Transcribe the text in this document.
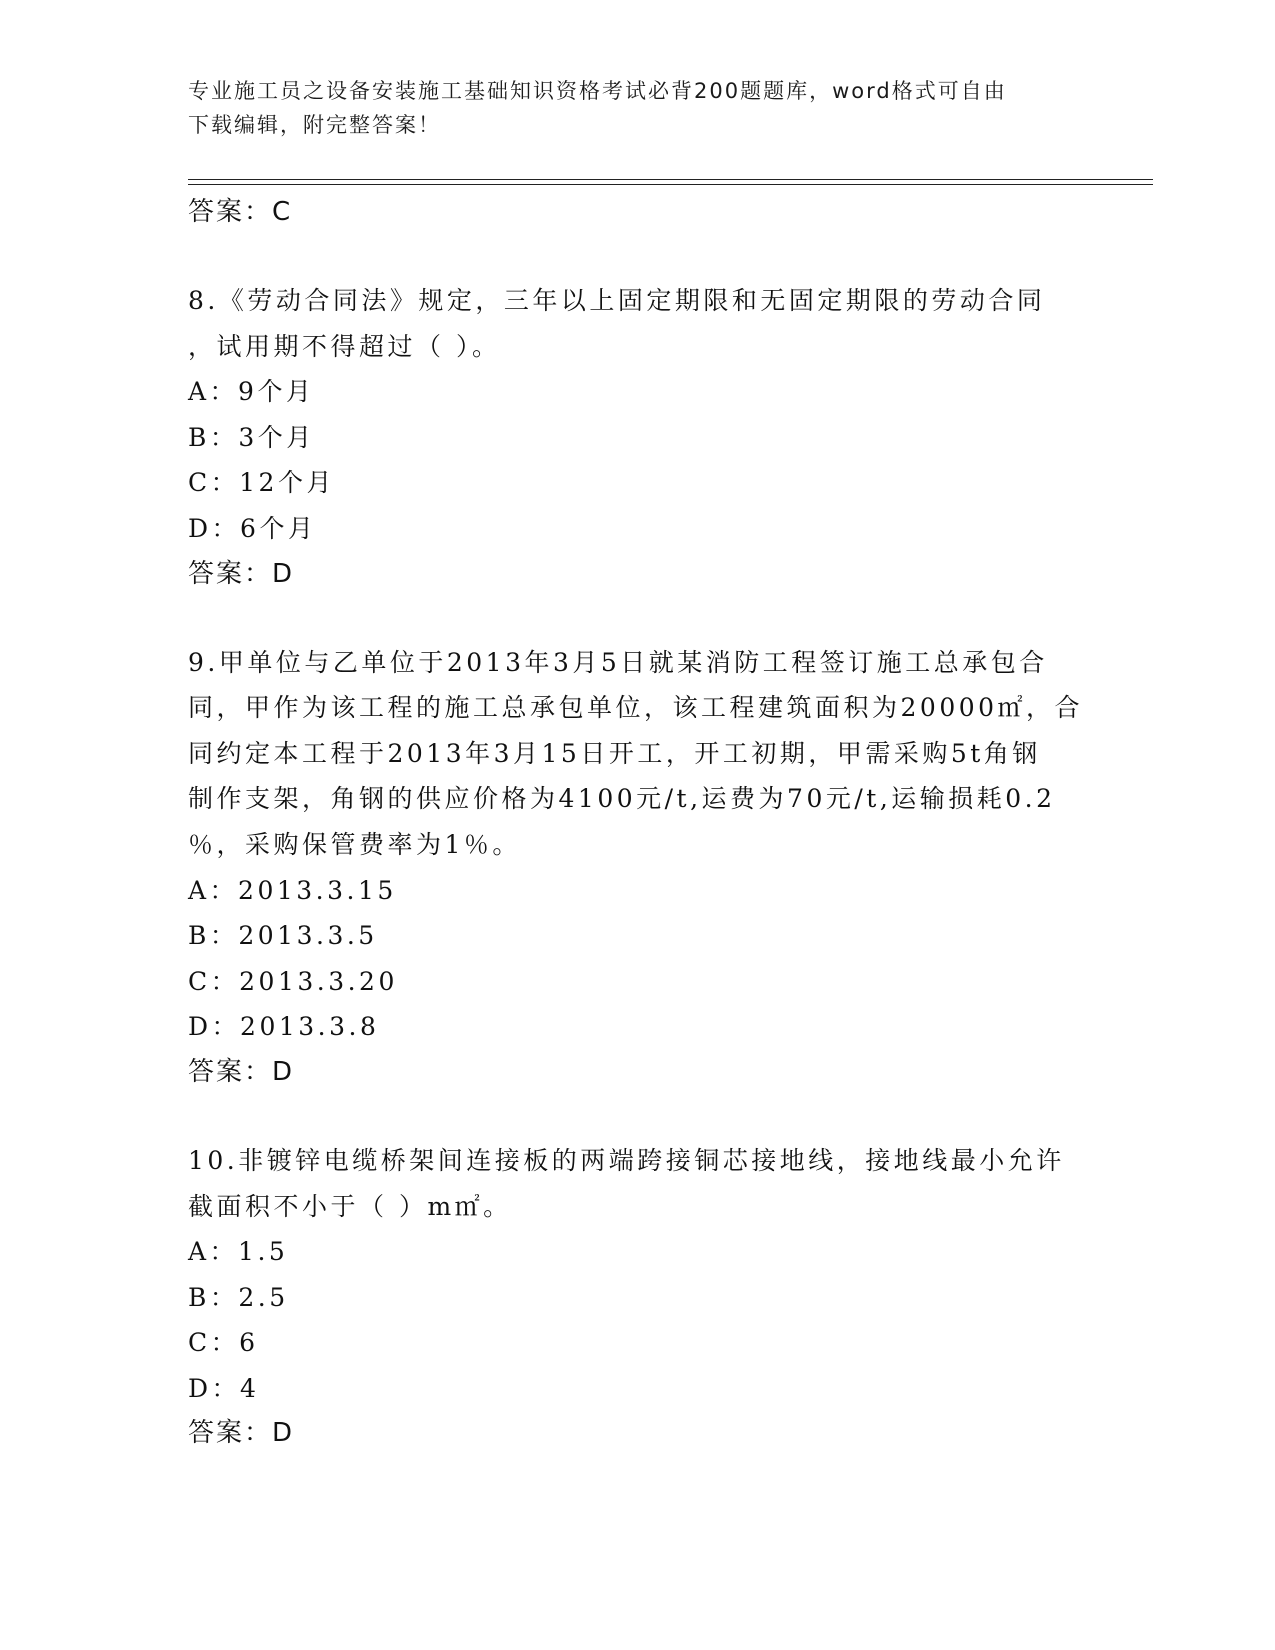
专业施工员之设备安装施工基础知识资格考试必背200题题库，word格式可自由
下载编辑，附完整答案！
答案：C
8.《劳动合同法》规定，三年以上固定期限和无固定期限的劳动合同
，试用期不得超过（ ）。
A：9个月
B：3个月
C：12个月
D：6个月
答案：D
9.甲单位与乙单位于2013年3月5日就某消防工程签订施工总承包合
同，甲作为该工程的施工总承包单位，该工程建筑面积为20000㎡，合
同约定本工程于2013年3月15日开工，开工初期，甲需采购5t角钢
制作支架，角钢的供应价格为4100元/t,运费为70元/t,运输损耗0.2
％，采购保管费率为1％。
A：2013.3.15
B：2013.3.5
C：2013.3.20
D：2013.3.8
答案：D
10.非镀锌电缆桥架间连接板的两端跨接铜芯接地线，接地线最小允许
截面积不小于（ ）m㎡。
A：1.5
B：2.5
C：6
D：4
答案：D
